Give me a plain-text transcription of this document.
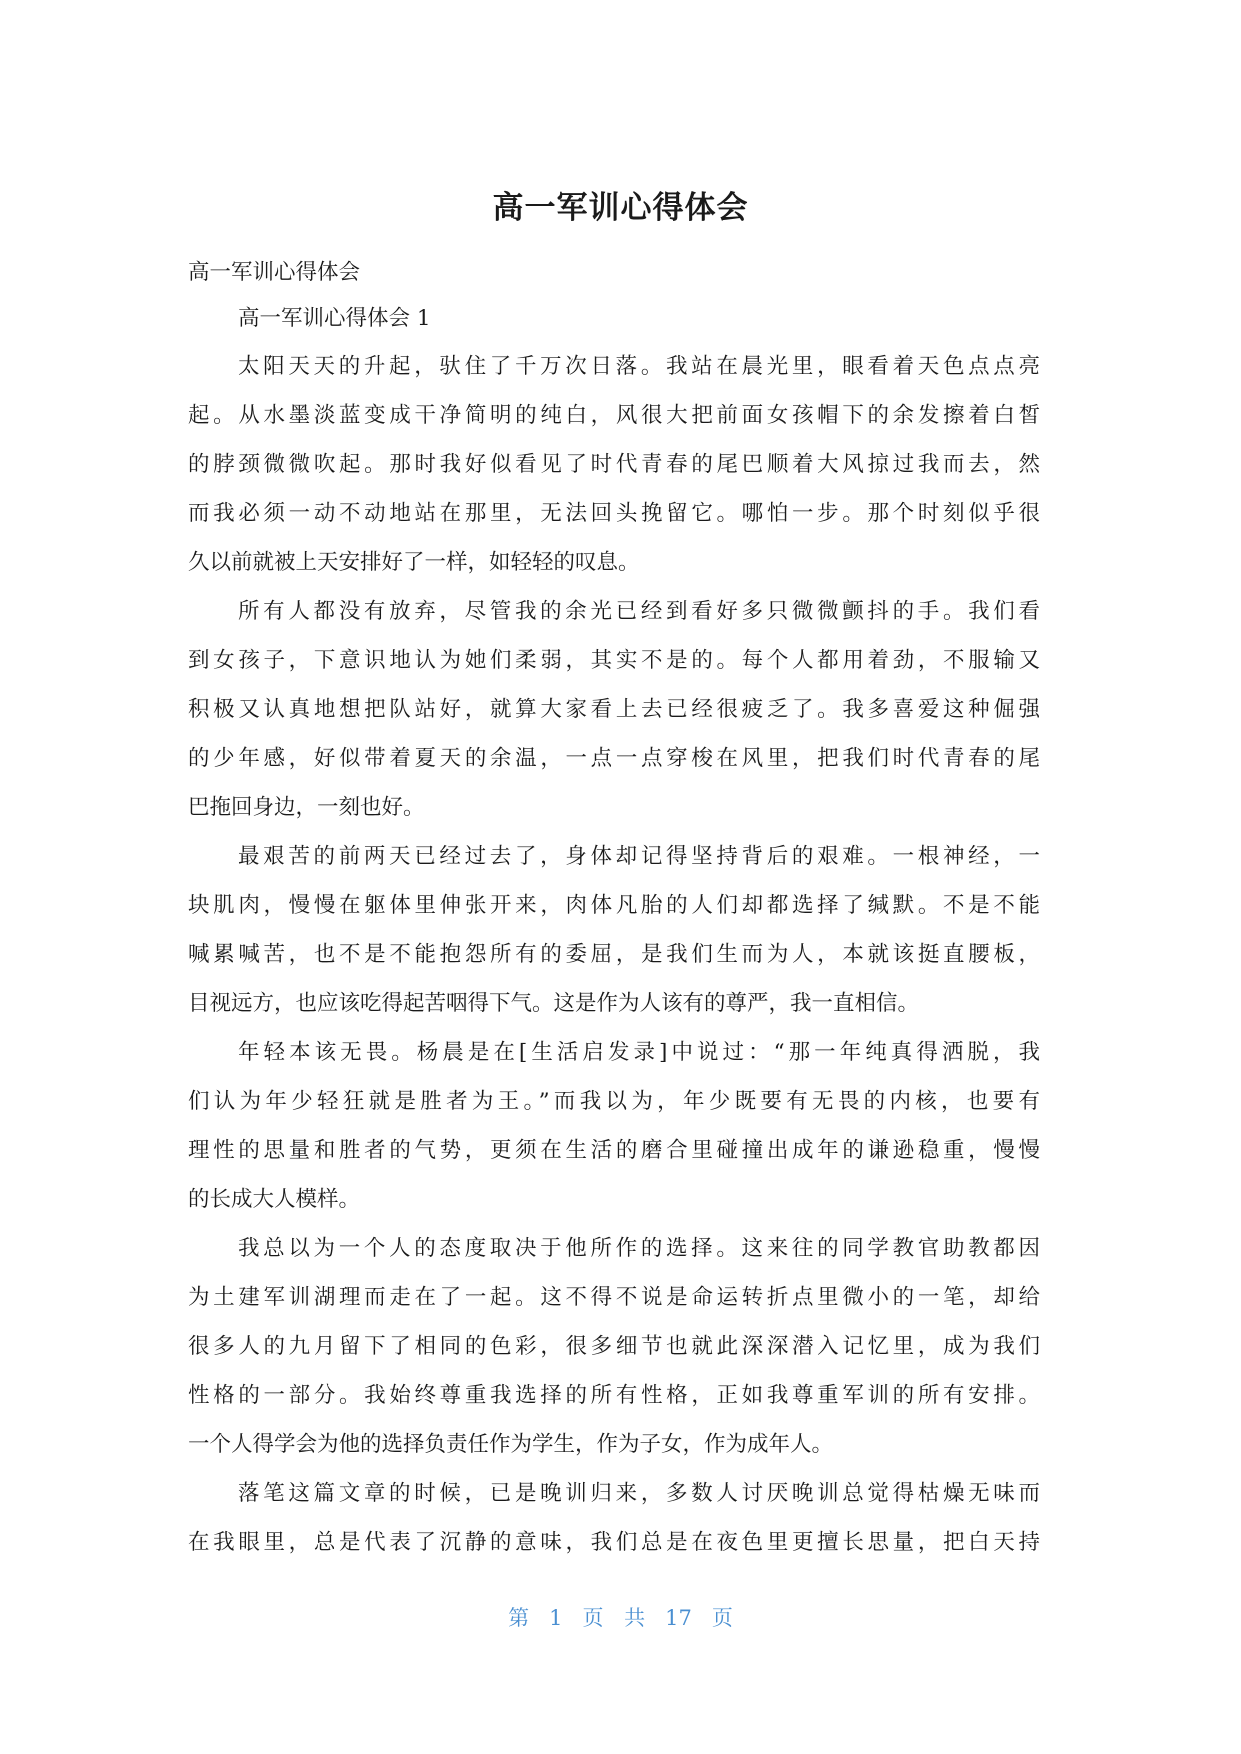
高一军训心得体会

高一军训心得体会

高一军训心得体会 1

太阳天天的升起，驮住了千万次日落。我站在晨光里，眼看着天色点点亮
起。从水墨淡蓝变成干净简明的纯白，风很大把前面女孩帽下的余发擦着白皙
的脖颈微微吹起。那时我好似看见了时代青春的尾巴顺着大风掠过我而去，然
而我必须一动不动地站在那里，无法回头挽留它。哪怕一步。那个时刻似乎很
久以前就被上天安排好了一样，如轻轻的叹息。
所有人都没有放弃，尽管我的余光已经到看好多只微微颤抖的手。我们看
到女孩子，下意识地认为她们柔弱，其实不是的。每个人都用着劲，不服输又
积极又认真地想把队站好，就算大家看上去已经很疲乏了。我多喜爱这种倔强
的少年感，好似带着夏天的余温，一点一点穿梭在风里，把我们时代青春的尾
巴拖回身边，一刻也好。
最艰苦的前两天已经过去了，身体却记得坚持背后的艰难。一根神经，一
块肌肉，慢慢在躯体里伸张开来，肉体凡胎的人们却都选择了缄默。不是不能
喊累喊苦，也不是不能抱怨所有的委屈，是我们生而为人，本就该挺直腰板，
目视远方，也应该吃得起苦咽得下气。这是作为人该有的尊严，我一直相信。
年轻本该无畏。杨晨是在[生活启发录]中说过：“那一年纯真得洒脱，我
们认为年少轻狂就是胜者为王。”而我以为，年少既要有无畏的内核，也要有
理性的思量和胜者的气势，更须在生活的磨合里碰撞出成年的谦逊稳重，慢慢
的长成大人模样。
我总以为一个人的态度取决于他所作的选择。这来往的同学教官助教都因
为土建军训湖理而走在了一起。这不得不说是命运转折点里微小的一笔，却给
很多人的九月留下了相同的色彩，很多细节也就此深深潜入记忆里，成为我们
性格的一部分。我始终尊重我选择的所有性格，正如我尊重军训的所有安排。
一个人得学会为他的选择负责任作为学生，作为子女，作为成年人。
落笔这篇文章的时候，已是晚训归来，多数人讨厌晚训总觉得枯燥无味而
在我眼里，总是代表了沉静的意味，我们总是在夜色里更擅长思量，把白天持
第 1 页 共 17 页
